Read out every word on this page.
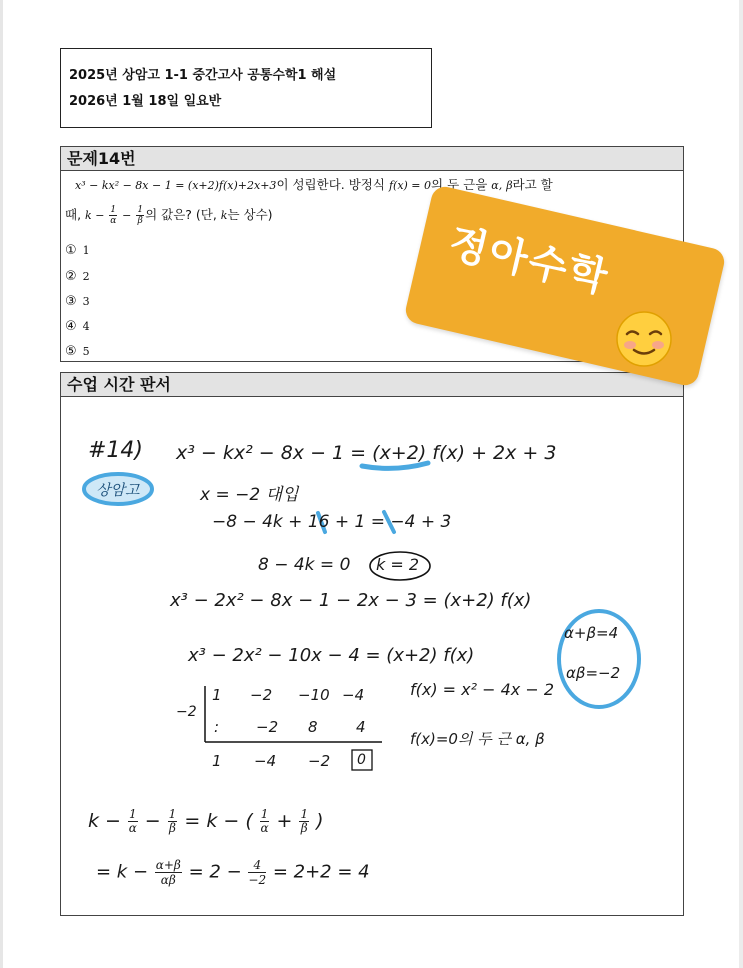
2025년 상암고 1-1 중간고사 공통수학1 해설
2026년 1월 18일 일요반
문제14번
x³ − kx² − 8x − 1 = (x+2)f(x)+2x+3이 성립한다. 방정식 f(x) = 0의 두 근을 α, β라고 할
때, $k - \frac{1}{\alpha} - \frac{1}{\beta}$ 의 값은? (단, k는 상수)
① 1
② 2
③ 3
④ 4
⑤ 5
수업 시간 판서
#14)
상암고
x³ − kx² − 8x − 1 = (x+2) f(x) + 2x + 3
x = −2 대입
−8 − 4k + 16 + 1 = −4 + 3
8 − 4k = 0 k = 2
x³ − 2x² − 8x − 1 − 2x − 3 = (x+2) f(x)
x³ − 2x² − 10x − 4 = (x+2) f(x)
−2
1 −2 −10 −4
: −2 8	4
1 −4 −2 0
f(x) = x² − 4x − 2
f(x)=0의 두 근 α, β
α+β=4
αβ=−2
$k - \frac{1}{\alpha} - \frac{1}{\beta} = k$ − ( $\frac{1}{\alpha} + \frac{1}{\beta}$ )
= $k - \frac{\alpha+\beta}{\alpha\beta} = 2 - \frac{4}{-2} = 2+2 = 4$
정아수학
